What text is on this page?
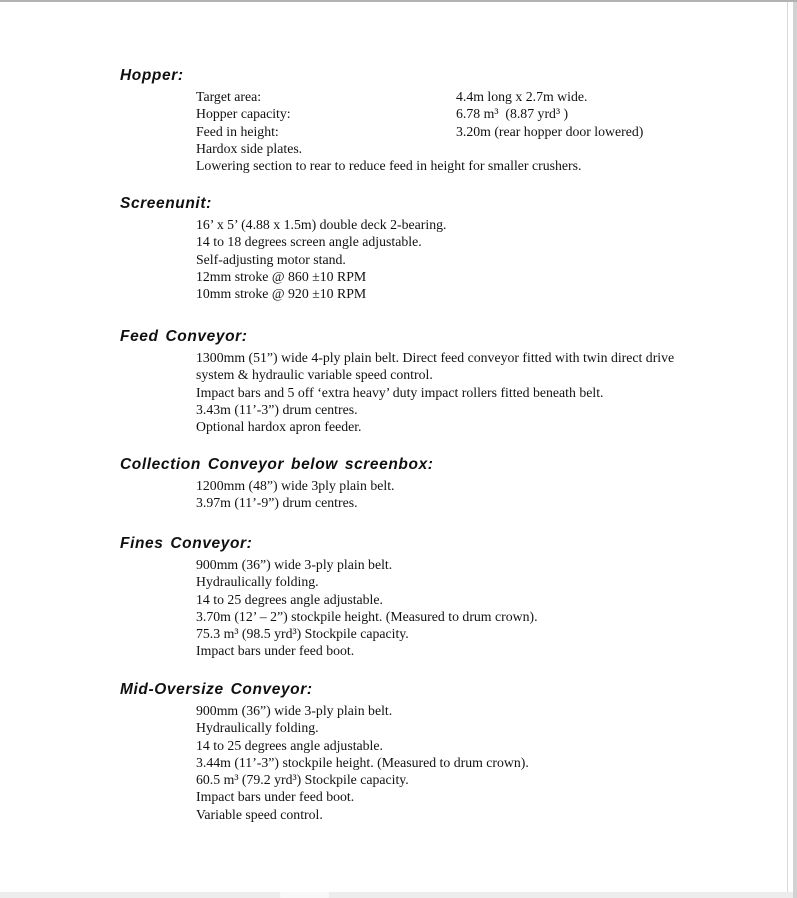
Hopper:
Target area:	4.4m long x 2.7m wide.
Hopper capacity:	6.78 m³  (8.87 yrd³ )
Feed in height:	3.20m (rear hopper door lowered)
Hardox side plates.
Lowering section to rear to reduce feed in height for smaller crushers.
Screenunit:
16’ x 5’ (4.88 x 1.5m) double deck 2-bearing.
14 to 18 degrees screen angle adjustable.
Self-adjusting motor stand.
12mm stroke @ 860 ±10 RPM
10mm stroke @ 920 ±10 RPM
Feed Conveyor:
1300mm (51”) wide 4-ply plain belt. Direct feed conveyor fitted with twin direct drive system & hydraulic variable speed control.
Impact bars and 5 off ‘extra heavy’ duty impact rollers fitted beneath belt.
3.43m (11’-3”) drum centres.
Optional hardox apron feeder.
Collection Conveyor below screenbox:
1200mm (48”) wide 3ply plain belt.
3.97m (11’-9”) drum centres.
Fines Conveyor:
900mm (36”) wide 3-ply plain belt.
Hydraulically folding.
14 to 25 degrees angle adjustable.
3.70m (12’ – 2”) stockpile height. (Measured to drum crown).
75.3 m³ (98.5 yrd³) Stockpile capacity.
Impact bars under feed boot.
Mid-Oversize Conveyor:
900mm (36”) wide 3-ply plain belt.
Hydraulically folding.
14 to 25 degrees angle adjustable.
3.44m (11’-3”) stockpile height. (Measured to drum crown).
60.5 m³ (79.2 yrd³) Stockpile capacity.
Impact bars under feed boot.
Variable speed control.
